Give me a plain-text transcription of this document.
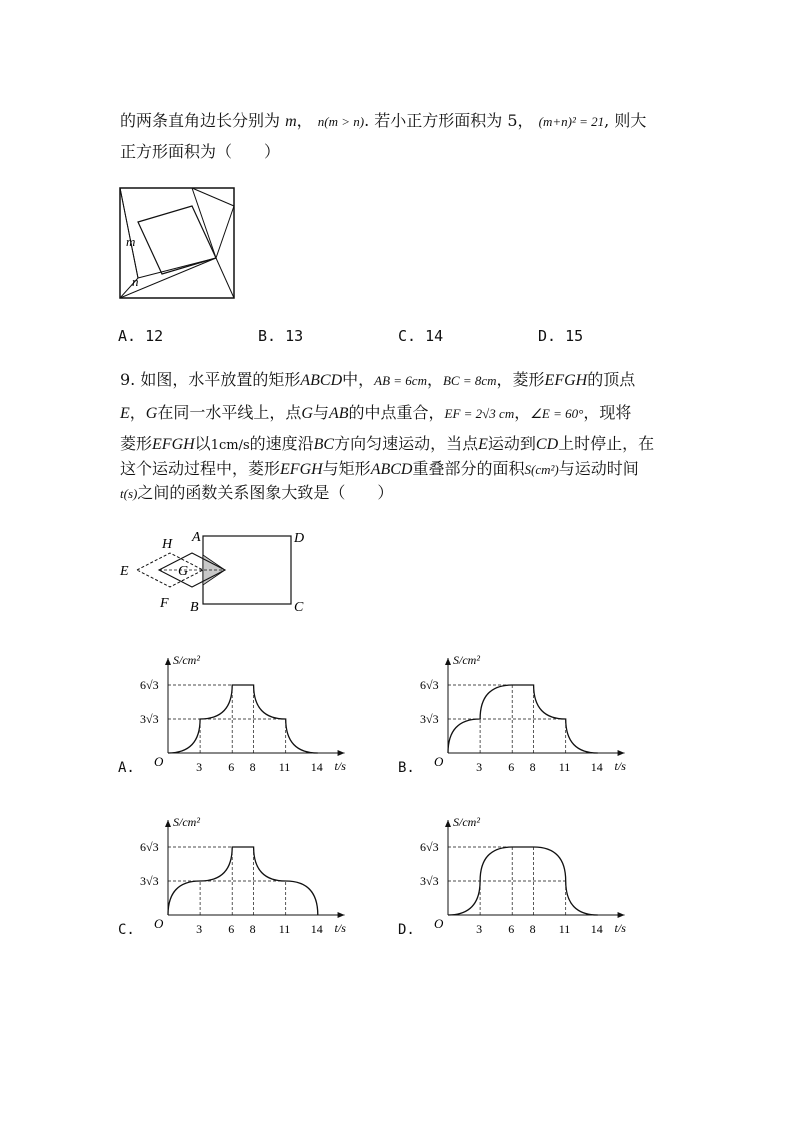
的两条直角边长分别为 m， n(m > n). 若小正方形面积为 5， (m+n)² = 21, 则大
正方形面积为（　　）
m
n
A. 12	B. 13	C. 14	D. 15
9. 如图，水平放置的矩形ABCD中，AB = 6cm，BC = 8cm，菱形EFGH的顶点
E，G在同一水平线上，点G与AB的中点重合，EF = 2√3 cm，∠E = 60°，现将
菱形EFGH以1cm/s的速度沿BC方向匀速运动，当点E运动到CD上时停止，在
这个运动过程中，菱形EFGH与矩形ABCD重叠部分的面积S(cm²)与运动时间
t(s)之间的函数关系图象大致是（　　）
A
B	C
D
E
F
G
H
A.	B.
C.	D.
S/cm²
t/s
O
3√3
6√3
3 6 8 11 14
S/cm²
t/s
O
3√3
6√3
3 6 8 11 14
S/cm²
t/s
O
3√3
6√3
3 6 8 11 14
S/cm²
t/s
O
3√3
6√3
3 6 8 11 14
